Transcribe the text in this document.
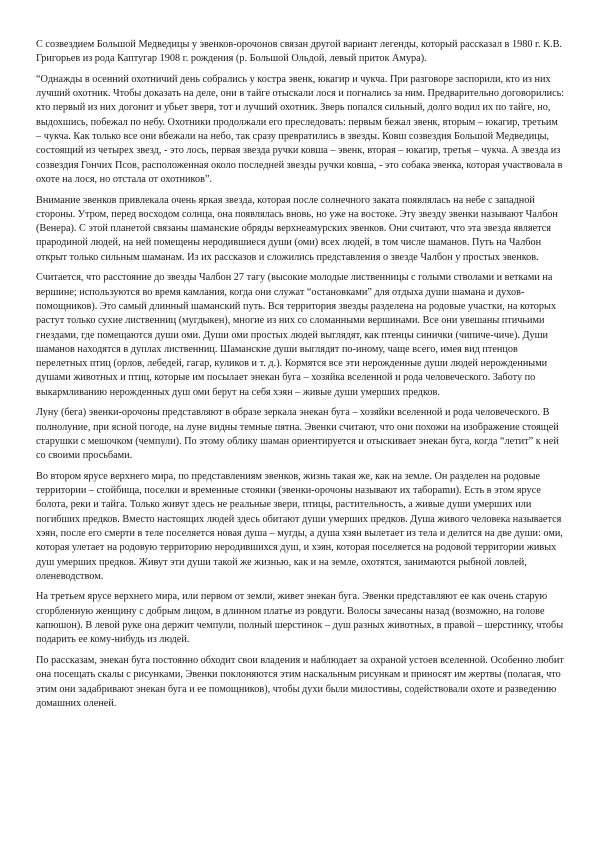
С созвездием Большой Медведицы у эвенков-орочонов связан другой вариант легенды, который рассказал в 1980 г. К.В. Григорьев из рода Каптугар 1908 г. рождения (р. Большой Ольдой, левый приток Амура).

“Однажды в осенний охотничий день собрались у костра эвенк, юкагир и чукча. При разговоре заспорили, кто из них лучший охотник. Чтобы доказать на деле, они в тайге отыскали лося и погнались за ним. Предварительно договорились: кто первый из них догонит и убьет зверя, тот и лучший охотник. Зверь попался сильный, долго водил их по тайге, но, выдохшись, побежал по небу. Охотники продолжали его преследовать: первым бежал эвенк, вторым – юкагир, третьим – чукча. Как только все они вбежали на небо, так сразу превратились в звезды. Ковш созвездия Большой Медведицы, состоящий из четырех звезд, - это лось, первая звезда ручки ковша – эвенк, вторая – юкагир, третья – чукча. А звезда из созвездия Гончих Псов, расположенная около последней звезды ручки ковша, - это собака эвенка, которая участвовала в охоте на лося, но отстала от охотников”.

Внимание эвенков привлекала очень яркая звезда, которая после солнечного заката появлялась на небе с западной стороны. Утром, перед восходом солнца, она появлялась вновь, но уже на востоке. Эту звезду эвенки называют Чалбон (Венера). С этой планетой связаны шаманские обряды верхнеамурских эвенков. Они считают, что эта звезда является прародиной людей, на ней помещены неродившиеся души (оми) всех людей, в том числе шаманов. Путь на Чалбон открыт только сильным шаманам. Из их рассказов и сложились представления о звезде Чалбон у простых эвенков.

Считается, что расстояние до звезды Чалбон 27 тагу (высокие молодые лиственницы с голыми стволами и ветками на вершине; используются во время камлания, когда они служат “остановками” для отдыха души шамана и духов-помощников). Это самый длинный шаманский путь. Вся территория звезды разделена на родовые участки, на которых растут только сухие лиственниц (мугдыкен), многие из них со сломанными вершинами. Все они увешаны птичьими гнездами, где помещаются души оми. Души оми простых людей выглядят, как птенцы синички (чипиче-чиче). Души шаманов находятся в дуплах лиственниц. Шаманские души выглядят по-иному, чаще всего, имея вид птенцов перелетных птиц (орлов, лебедей, гагар, куликов и т. д.). Кормятся все эти нерожденные души людей нерожденными душами животных и птиц, которые им посылает энекан буга – хозяйка вселенной и рода человеческого. Заботу по выкармливанию нерожденных душ оми берут на себя хэян – живые души умерших предков.

Луну (бега) эвенки-орочоны представляют в образе зеркала энекан буга – хозяйки вселенной и рода человеческого. В полнолуние, при ясной погоде, на луне видны темные пятна. Эвенки считают, что они похожи на изображение стоящей старушки с мешочком (чемпули). По этому облику шаман ориентируется и отыскивает энекан буга, когда “летит” к ней со своими просьбами.

Во втором ярусе верхнего мира, по представлениям эвенков, жизнь такая же, как на земле. Он разделен на родовые территории – стойбища, поселки и временные стоянки (эвенки-орочоны называют их табораmи). Есть в этом ярусе болота, реки и тайга. Только живут здесь не реальные звери, птицы, растительность, а живые души умерших или погибших предков. Вместо настоящих людей здесь обитают души умерших предков. Душа живого человека называется хэян, после его смерти в теле поселяется новая душа – мугды, а душа хэян вылетает из тела и делится на две души: оми, которая улетает на родовую территорию неродившихся душ, и хэян, которая поселяется на родовой территории живых душ умерших предков. Живут эти души такой же жизнью, как и на земле, охотятся, занимаются рыбной ловлей, оленеводством.

На третьем ярусе верхнего мира, или первом от земли, живет энекан буга. Эвенки представляют ее как очень старую сгорбленную женщину с добрым лицом, в длинном платье из ровдуги. Волосы зачесаны назад (возможно, на голове капюшон). В левой руке она держит чемпули, полный шерстинок – душ разных животных, в правой – шерстинку, чтобы подарить ее кому-нибудь из людей.

По рассказам, энекан буга постоянно обходит свои владения и наблюдает за охраной устоев вселенной. Особенно любит она посещать скалы с рисунками, Эвенки поклоняются этим наскальным рисункам и приносят им жертвы (полагая, что этим они задабривают энекан буга и ее помощников), чтобы духи были милостивы, содействовали охоте и разведению домашних оленей.
